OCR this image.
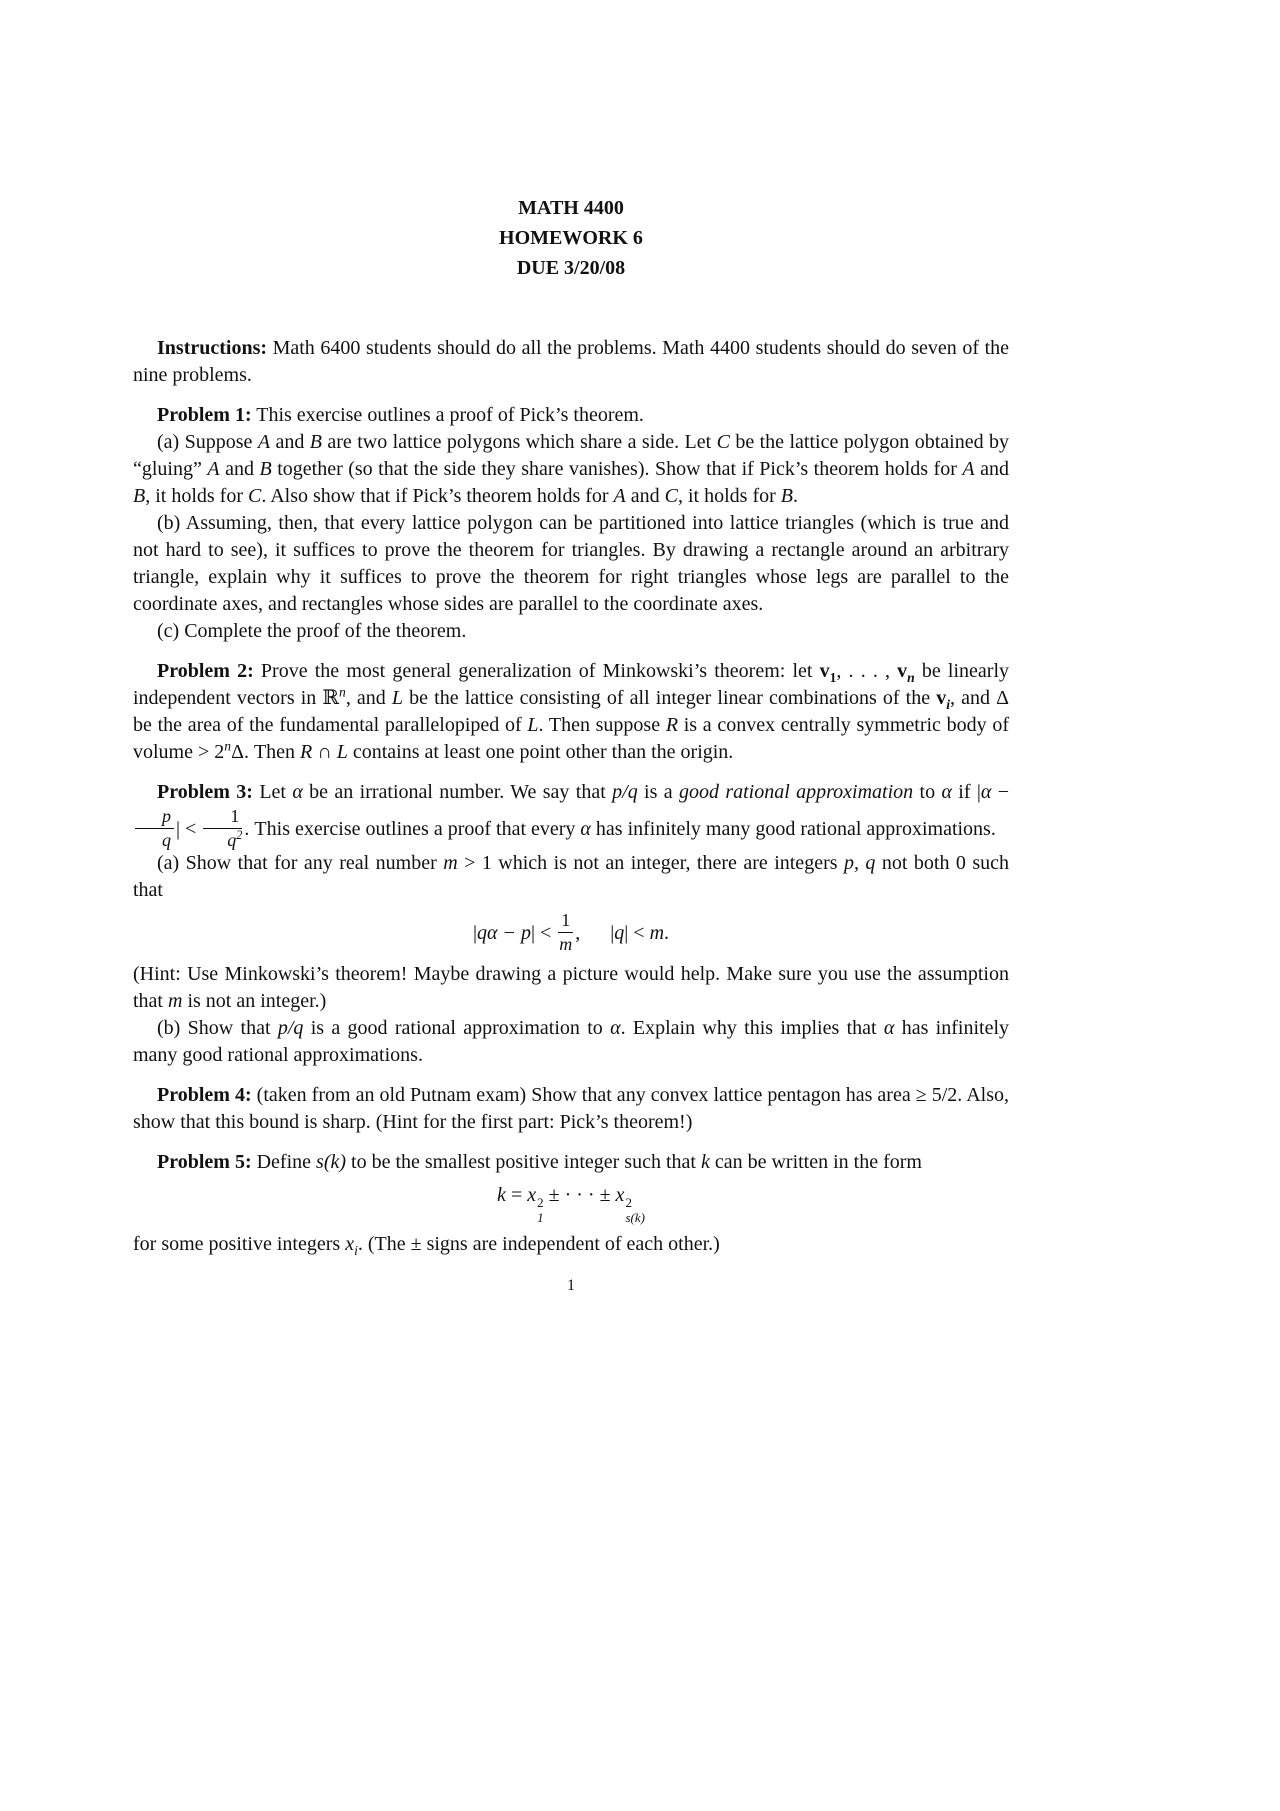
MATH 4400
HOMEWORK 6
DUE 3/20/08

Instructions: Math 6400 students should do all the problems. Math 4400 students should do seven of the nine problems.

Problem 1: This exercise outlines a proof of Pick’s theorem.

(a) Suppose A and B are two lattice polygons which share a side. Let C be the lattice polygon obtained by “gluing” A and B together (so that the side they share vanishes). Show that if Pick’s theorem holds for A and B, it holds for C. Also show that if Pick’s theorem holds for A and C, it holds for B.

(b) Assuming, then, that every lattice polygon can be partitioned into lattice triangles (which is true and not hard to see), it suffices to prove the theorem for triangles. By drawing a rectangle around an arbitrary triangle, explain why it suffices to prove the theorem for right triangles whose legs are parallel to the coordinate axes, and rectangles whose sides are parallel to the coordinate axes.

(c) Complete the proof of the theorem.

Problem 2: Prove the most general generalization of Minkowski’s theorem: let $v_1$, . . . , $v_n$ be linearly independent vectors in ℝ$^n$, and L be the lattice consisting of all integer linear combinations of the $v_i$, and Δ be the area of the fundamental parallelopiped of L. Then suppose R is a convex centrally symmetric body of volume > $2^n\Delta$. Then R ∩ L contains at least one point other than the origin.

Problem 3: Let α be an irrational number. We say that p/q is a good rational approximation to α if |α −
$\frac{p}{q}$ | < $\frac{1}{q^2}$ . This exercise outlines a proof that every α has infinitely many good rational approximations.

(a) Show that for any real number m > 1 which is not an integer, there are integers p, q not both 0 such that

$|q\alpha - p| < \frac{1}{m}$ ,  |q| < m.

(Hint: Use Minkowski’s theorem! Maybe drawing a picture would help. Make sure you use the assumption that m is not an integer.)

(b) Show that p/q is a good rational approximation to α. Explain why this implies that α has infinitely many good rational approximations.

Problem 4: (taken from an old Putnam exam) Show that any convex lattice pentagon has area ≥ 5/2. Also, show that this bound is sharp. (Hint for the first part: Pick’s theorem!)

Problem 5: Define s(k) to be the smallest positive integer such that k can be written in the form

k = x 2
1
± · · · ± x 2
s(k)

for some positive integers $x_i$. (The ± signs are independent of each other.)

1
